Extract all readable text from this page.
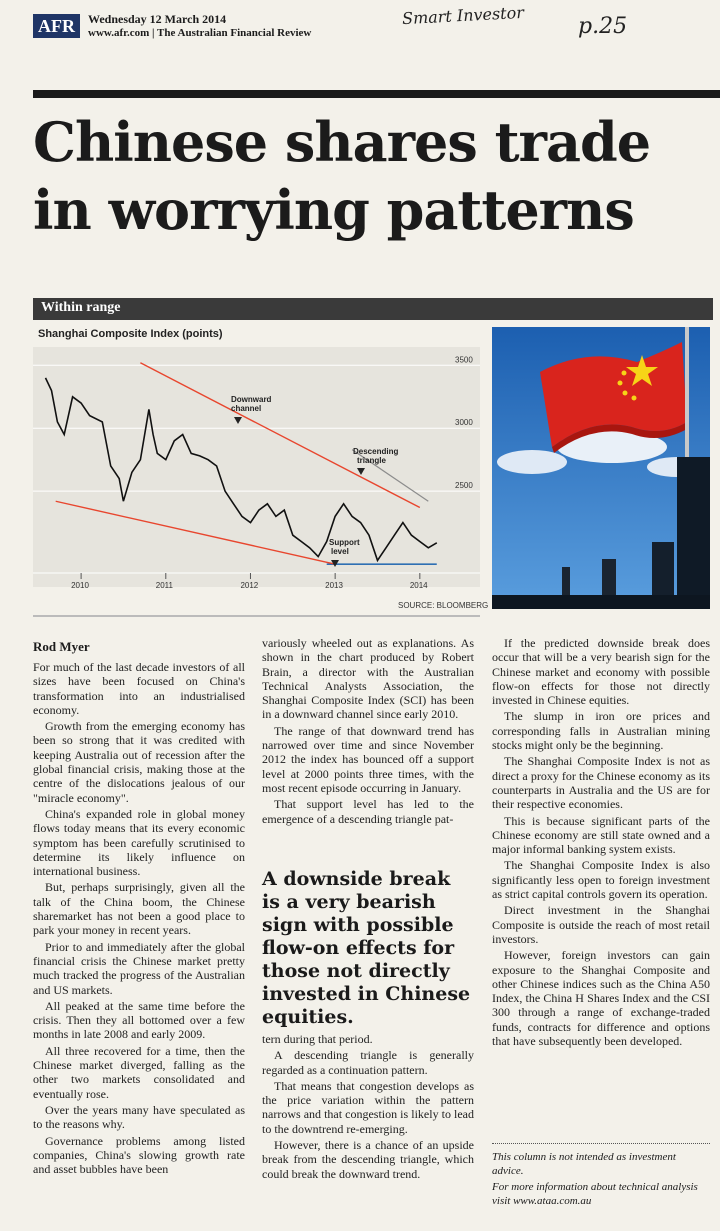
AFR	Wednesday 12 March 2014
www.afr.com | The Australian Financial Review
Smart Investor p.25
Chinese shares trade
in worrying patterns
Within range
Shanghai Composite Index (points)
2500
3000
3500
2010	2011	2012	2013	2014
Downward
channel
Descending
triangle
Support
level
SOURCE: BLOOMBERG
Rod Myer

For much of the last decade investors of all sizes have been focused on China's transformation into an industrialised economy.

Growth from the emerging economy has been so strong that it was credited with keeping Australia out of recession after the global financial crisis, making those at the centre of the dislocations jealous of our "miracle economy".

China's expanded role in global money flows today means that its every economic symptom has been carefully scrutinised to determine its likely influence on international business.

But, perhaps surprisingly, given all the talk of the China boom, the Chinese sharemarket has not been a good place to park your money in recent years.

Prior to and immediately after the global financial crisis the Chinese market pretty much tracked the progress of the Australian and US markets.

All peaked at the same time before the crisis. Then they all bottomed over a few months in late 2008 and early 2009.

All three recovered for a time, then the Chinese market diverged, falling as the other two markets consolidated and eventually rose.

Over the years many have speculated as to the reasons why.

Governance problems among listed companies, China's slowing growth rate and asset bubbles have been

variously wheeled out as explanations. As shown in the chart produced by Robert Brain, a director with the Australian Technical Analysts Association, the Shanghai Composite Index (SCI) has been in a downward channel since early 2010.

The range of that downward trend has narrowed over time and since November 2012 the index has bounced off a support level at 2000 points three times, with the most recent episode occurring in January.

That support level has led to the emergence of a descending triangle pat-

A downside break is a very bearish sign with possible flow-on effects for those not directly invested in Chinese equities.

tern during that period.

A descending triangle is generally regarded as a continuation pattern.

That means that congestion develops as the price variation within the pattern narrows and that congestion is likely to lead to the downtrend re-emerging.

However, there is a chance of an upside break from the descending triangle, which could break the downward trend.

If the predicted downside break does occur that will be a very bearish sign for the Chinese market and economy with possible flow-on effects for those not directly invested in Chinese equities.

The slump in iron ore prices and corresponding falls in Australian mining stocks might only be the beginning.

The Shanghai Composite Index is not as direct a proxy for the Chinese economy as its counterparts in Australia and the US are for their respective economies.

This is because significant parts of the Chinese economy are still state owned and a major informal banking system exists.

The Shanghai Composite Index is also significantly less open to foreign investment as strict capital controls govern its operation.

Direct investment in the Shanghai Composite is outside the reach of most retail investors.

However, foreign investors can gain exposure to the Shanghai Composite and other Chinese indices such as the China A50 Index, the China H Shares Index and the CSI 300 through a range of exchange-traded funds, contracts for difference and options that have subsequently been developed.

This column is not intended as investment advice.

For more information about technical analysis visit www.ataa.com.au
